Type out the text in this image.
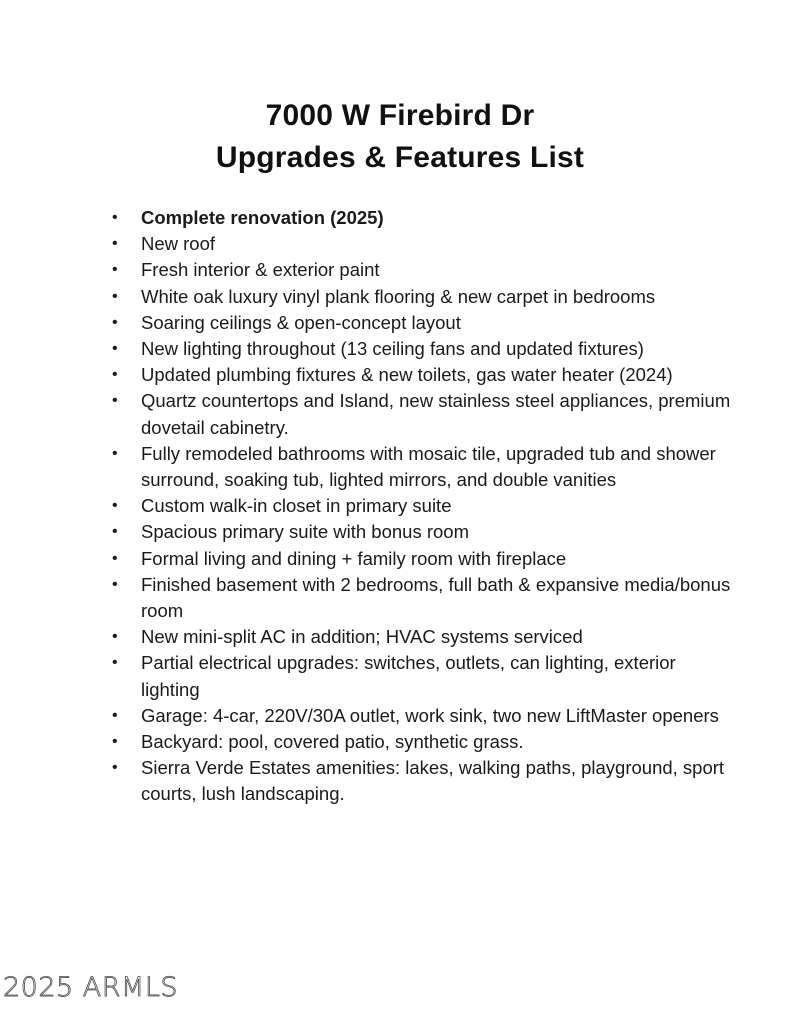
7000 W Firebird Dr
Upgrades & Features List
• Complete renovation (2025)
• New roof
• Fresh interior & exterior paint
• White oak luxury vinyl plank flooring & new carpet in bedrooms
• Soaring ceilings & open-concept layout
• New lighting throughout (13 ceiling fans and updated fixtures)
• Updated plumbing fixtures & new toilets, gas water heater (2024)
• Quartz countertops and Island, new stainless steel appliances, premium dovetail cabinetry.
• Fully remodeled bathrooms with mosaic tile, upgraded tub and shower surround, soaking tub, lighted mirrors, and double vanities
• Custom walk-in closet in primary suite
• Spacious primary suite with bonus room
• Formal living and dining + family room with fireplace
• Finished basement with 2 bedrooms, full bath & expansive media/bonus room
• New mini-split AC in addition; HVAC systems serviced
• Partial electrical upgrades: switches, outlets, can lighting, exterior lighting
• Garage: 4-car, 220V/30A outlet, work sink, two new LiftMaster openers
• Backyard: pool, covered patio, synthetic grass.
• Sierra Verde Estates amenities: lakes, walking paths, playground, sport courts, lush landscaping.
2025 ARMLS
